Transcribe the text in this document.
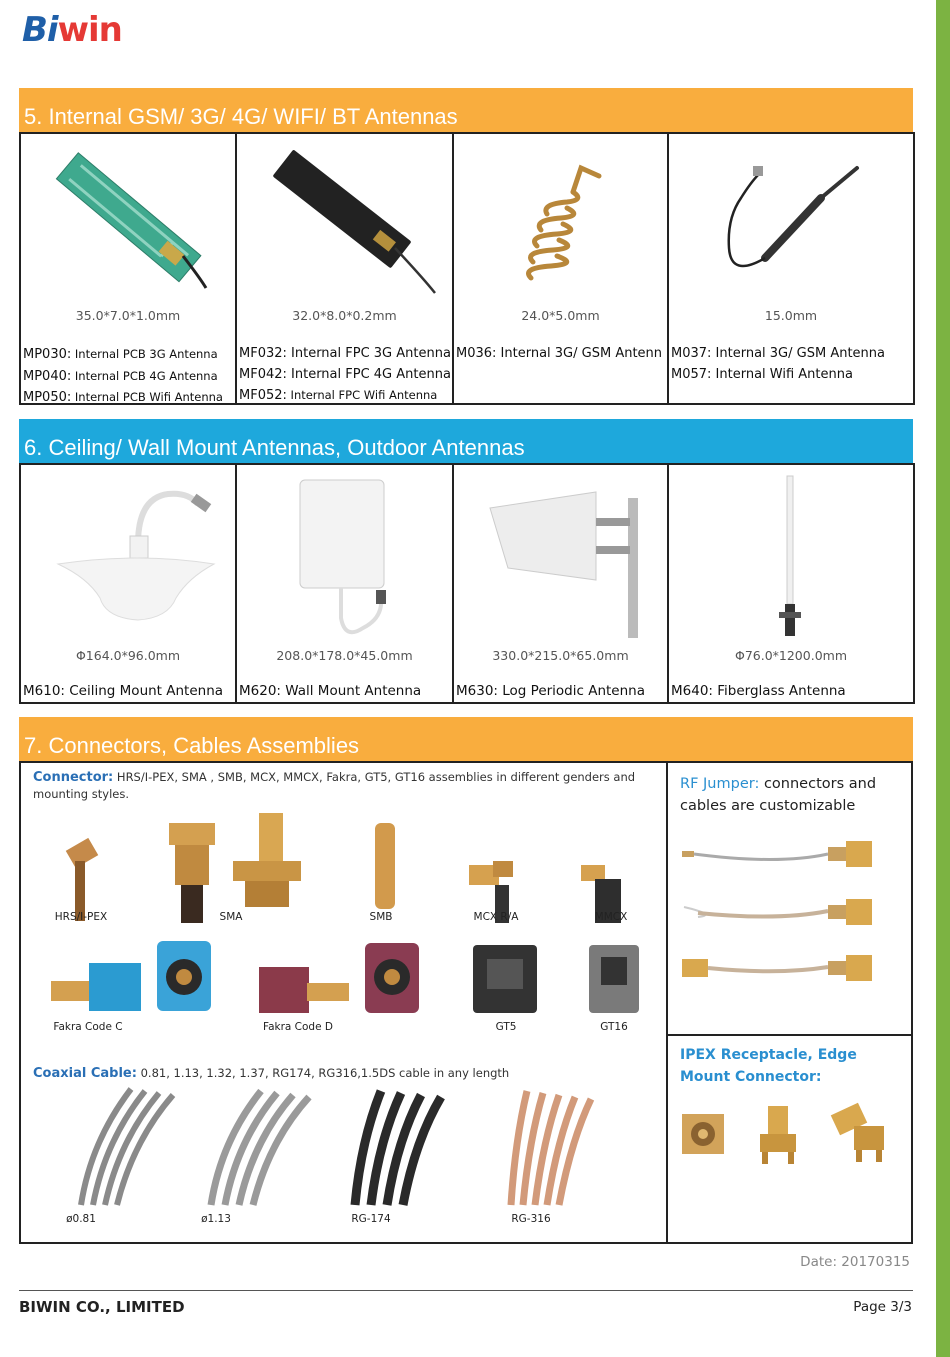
Biwin
5. Internal GSM/ 3G/ 4G/ WIFI/ BT Antennas
35.0*7.0*1.0mm
MP030: Internal PCB 3G Antenna
MP040: Internal PCB 4G Antenna
MP050: Internal PCB Wifi Antenna

32.0*8.0*0.2mm
MF032: Internal FPC 3G Antenna
MF042: Internal FPC 4G Antenna
MF052: Internal FPC Wifi Antenna

24.0*5.0mm
M036: Internal 3G/ GSM Antenn

15.0mm
M037: Internal 3G/ GSM Antenna
M057: Internal Wifi Antenna
6. Ceiling/ Wall Mount Antennas, Outdoor Antennas
Φ164.0*96.0mm
M610: Ceiling Mount Antenna

208.0*178.0*45.0mm
M620: Wall Mount Antenna

330.0*215.0*65.0mm
M630: Log Periodic Antenna

Φ76.0*1200.0mm
M640: Fiberglass Antenna
7. Connectors, Cables Assemblies
Connector: HRS/I-PEX, SMA , SMB, MCX, MMCX, Fakra, GT5, GT16 assemblies in different genders and mounting styles.
HRS/I-PEX	SMA	SMB	MCX R/A	MMCX
Fakra Code C	Fakra Code D	GT5	GT16
Coaxial Cable: 0.81, 1.13, 1.32, 1.37, RG174, RG316,1.5DS cable in any length
ø0.81	ø1.13	RG-174	RG-316
RF Jumper: connectors and
cables are customizable
IPEX Receptacle, Edge
Mount Connector:
Date: 20170315
BIWIN CO., LIMITED	Page 3/3
